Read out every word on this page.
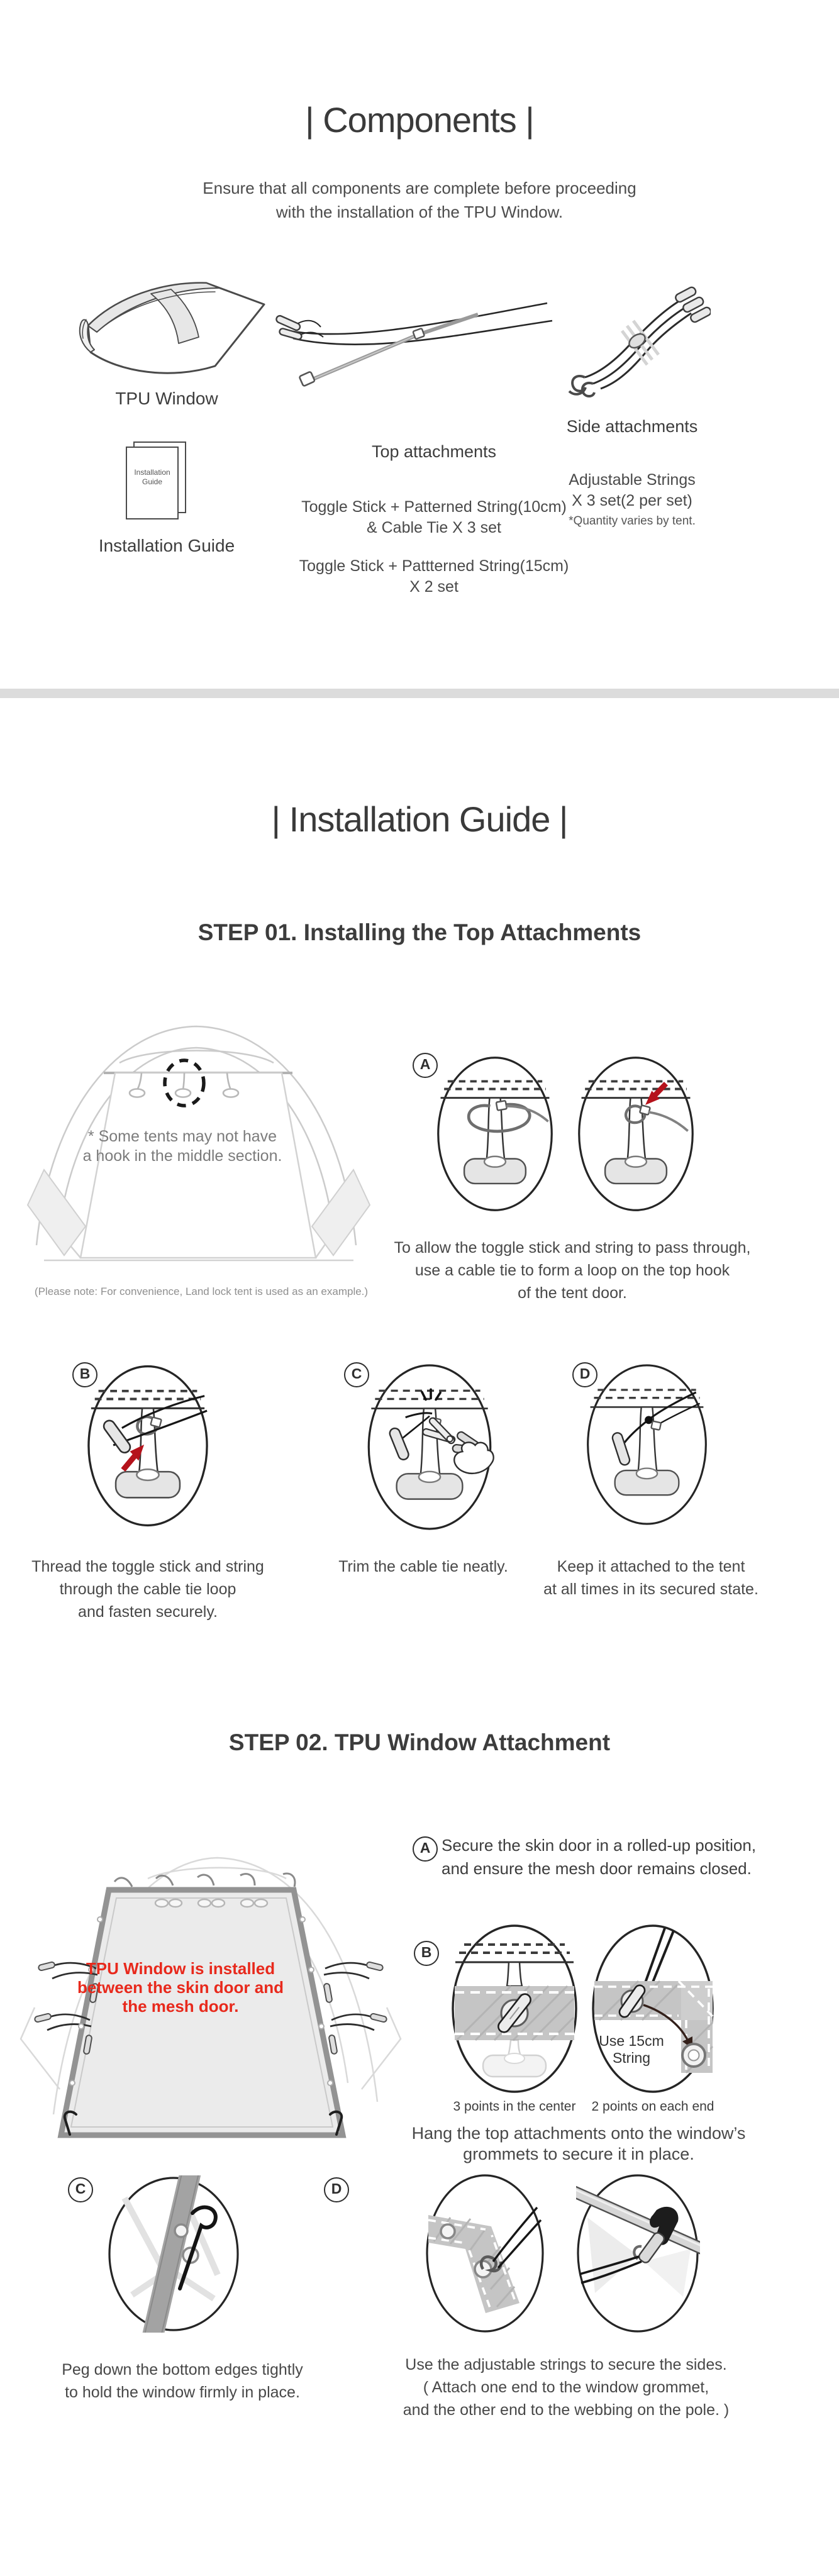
| Components |
Ensure that all components are complete before proceeding
with the installation of the TPU Window.
TPU Window
Top attachments
Toggle Stick + Patterned String(10cm)
& Cable Tie X 3 set
Toggle Stick + Pattterned String(15cm)
X 2 set
Side attachments
Adjustable Strings
X 3 set(2 per set)
*Quantity varies by tent.
Installation
Guide
Installation Guide
| Installation Guide |
STEP 01. Installing the Top Attachments
* Some tents may not have
a hook in the middle section.
(Please note: For convenience, Land lock tent is used as an example.)
A
To allow the toggle stick and string to pass through,
use a cable tie to form a loop on the top hook
of the tent door.
B
Thread the toggle stick and string
through the cable tie loop
and fasten securely.
C
Trim the cable tie neatly.
D
Keep it attached to the tent
at all times in its secured state.
STEP 02. TPU Window Attachment
TPU Window is installed
between the skin door and
the mesh door.
A Secure the skin door in a rolled-up position,
and ensure the mesh door remains closed.
B
Use 15cm
String
3 points in the center 2 points on each end
Hang the top attachments onto the window’s
grommets to secure it in place.
C
Peg down the bottom edges tightly
to hold the window firmly in place.
D
Use the adjustable strings to secure the sides.
( Attach one end to the window grommet,
and the other end to the webbing on the pole. )
